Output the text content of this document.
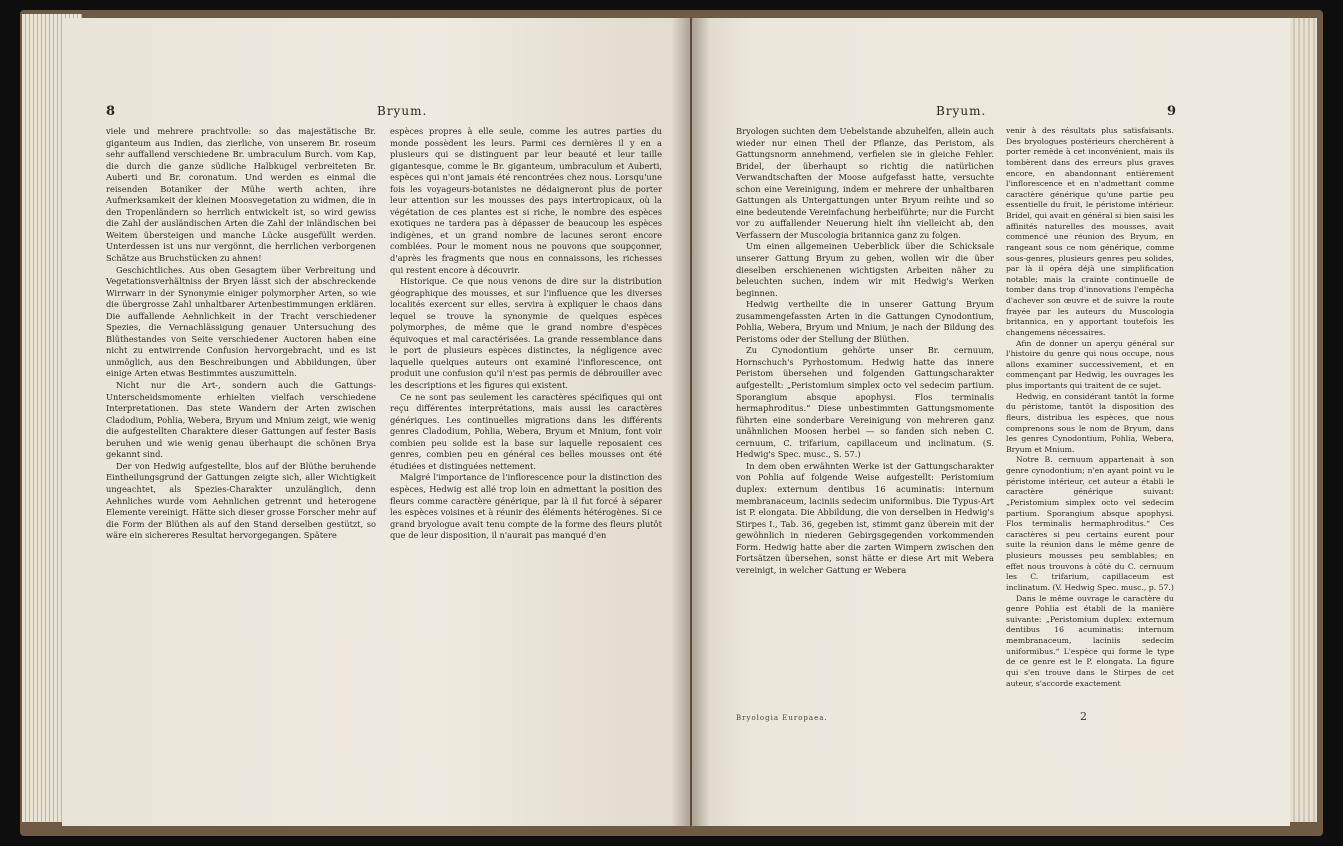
8	Bryum.

viele und mehrere prachtvolle: so das majestätische Br. giganteum aus Indien, das zierliche, von unserem Br. roseum sehr auffallend verschiedene Br. umbraculum Burch. vom Kap, die durch die ganze südliche Halbkugel verbreiteten Br. Auberti und Br. coronatum. Und werden es einmal die reisenden Botaniker der Mühe werth achten, ihre Aufmerksamkeit der kleinen Moosvegetation zu widmen, die in den Tropenländern so herrlich entwickelt ist, so wird gewiss die Zahl der ausländischen Arten die Zahl der inländischen bei Weitem übersteigen und manche Lücke ausgefüllt werden. Unterdessen ist uns nur vergönnt, die herrlichen verborgenen Schätze aus Bruchstücken zu ahnen!

Geschichtliches. Aus oben Gesagtem über Verbreitung und Vegetationsverhältniss der Bryen lässt sich der abschreckende Wirrwarr in der Synonymie einiger polymorpher Arten, so wie die übergrosse Zahl unhaltbarer Artenbestimmungen erklären. Die auffallende Aehnlichkeit in der Tracht verschiedener Spezies, die Vernachlässigung genauer Untersuchung des Blüthestandes von Seite verschiedener Auctoren haben eine nicht zu entwirrende Confusion hervorgebracht, und es ist unmöglich, aus den Beschreibungen und Abbildungen, über einige Arten etwas Bestimmtes auszumitteln.

Nicht nur die Art-, sondern auch die Gattungs-Unterscheidsmomente erhielten vielfach verschiedene Interpretationen. Das stete Wandern der Arten zwischen Cladodium, Pohlia, Webera, Bryum und Mnium zeigt, wie wenig die aufgestellten Charaktere dieser Gattungen auf fester Basis beruhen und wie wenig genau überhaupt die schönen Brya gekannt sind.

Der von Hedwig aufgestellte, blos auf der Blüthe beruhende Eintheilungsgrund der Gattungen zeigte sich, aller Wichtigkeit ungeachtet, als Spezies-Charakter unzulänglich, denn Aehnliches wurde vom Aehnlichen getrennt und heterogene Elemente vereinigt. Hätte sich dieser grosse Forscher mehr auf die Form der Blüthen als auf den Stand derselben gestützt, so wäre ein sichereres Resultat hervorgegangen. Spätere

espèces propres à elle seule, comme les autres parties du monde possèdent les leurs. Parmi ces dernières il y en a plusieurs qui se distinguent par leur beauté et leur taille gigantesque, comme le Br. giganteum, umbraculum et Auberti, espèces qui n'ont jamais été rencontrées chez nous. Lorsqu'une fois les voyageurs-botanistes ne dédaigneront plus de porter leur attention sur les mousses des pays intertropicaux, où la végétation de ces plantes est si riche, le nombre des espèces exotiques ne tardera pas à dépasser de beaucoup les espèces indigènes, et un grand nombre de lacunes seront encore comblées. Pour le moment nous ne pouvons que soupçonner, d'après les fragments que nous en connaissons, les richesses qui restent encore à découvrir.

Historique. Ce que nous venons de dire sur la distribution géographique des mousses, et sur l'influence que les diverses localités exercent sur elles, servira à expliquer le chaos dans lequel se trouve la synonymie de quelques espèces polymorphes, de même que le grand nombre d'espèces équivoques et mal caractérisées. La grande ressemblance dans le port de plusieurs espèces distinctes, la négligence avec laquelle quelques auteurs ont examiné l'inflorescence, ont produit une confusion qu'il n'est pas permis de débrouiller avec les descriptions et les figures qui existent.

Ce ne sont pas seulement les caractères spécifiques qui ont reçu différentes interprétations, mais aussi les caractères génériques. Les continuelles migrations dans les différents genres Cladodium, Pohlia, Webera, Bryum et Mnium, font voir combien peu solide est la base sur laquelle reposaient ces genres, combien peu en général ces belles mousses ont été étudiées et distinguées nettement.

Malgré l'importance de l'inflorescence pour la distinction des espèces, Hedwig est allé trop loin en admettant la position des fleurs comme caractère générique, par là il fut forcé à séparer les espèces voisines et à réunir des éléments hétérogènes. Si ce grand bryologue avait tenu compte de la forme des fleurs plutôt que de leur disposition, il n'aurait pas manqué d'en

Bryum.	9

Bryologen suchten dem Uebelstande abzuhelfen, allein auch wieder nur einen Theil der Pflanze, das Peristom, als Gattungsnorm annehmend, verfielen sie in gleiche Fehler. Bridel, der überhaupt so richtig die natürlichen Verwandtschaften der Moose aufgefasst hatte, versuchte schon eine Vereinigung, indem er mehrere der unhaltbaren Gattungen als Untergattungen unter Bryum reihte und so eine bedeutende Vereinfachung herbeiführte; nur die Furcht vor zu auffallender Neuerung hielt ihn vielleicht ab, den Verfassern der Muscologia britannica ganz zu folgen.

Um einen allgemeinen Ueberblick über die Schicksale unserer Gattung Bryum zu geben, wollen wir die über dieselben erschienenen wichtigsten Arbeiten näher zu beleuchten suchen, indem wir mit Hedwig's Werken beginnen.

Hedwig vertheilte die in unserer Gattung Bryum zusammengefassten Arten in die Gattungen Cynodontium, Pohlia, Webera, Bryum und Mnium, je nach der Bildung des Peristoms oder der Stellung der Blüthen.

Zu Cynodontium gehörte unser Br. cernuum, Hornschuch's Pyrhostomum. Hedwig hatte das innere Peristom übersehen und folgenden Gattungscharakter aufgestellt: „Peristomium simplex octo vel sedecim partium. Sporangium absque apophysi. Flos terminalis hermaphroditus.“ Diese unbestimmten Gattungsmomente führten eine sonderbare Vereinigung von mehreren ganz unähnlichen Moosen herbei — so fanden sich neben C. cernuum, C. trifarium, capillaceum und inclinatum. (S. Hedwig's Spec. musc., S. 57.)

In dem oben erwähnten Werke ist der Gattungscharakter von Pohlia auf folgende Weise aufgestellt: Peristomium duplex: externum dentibus 16 acuminatis: internum membranaceum, laciniis sedecim uniformibus. Die Typus-Art ist P. elongata. Die Abbildung, die von derselben in Hedwig's Stirpes I., Tab. 36, gegeben ist, stimmt ganz überein mit der gewöhnlich in niederen Gebirgsgegenden vorkommenden Form. Hedwig hatte aber die zarten Wimpern zwischen den Fortsätzen übersehen, sonst hätte er diese Art mit Webera vereinigt, in welcher Gattung er Webera

venir à des résultats plus satisfaisants. Des bryologues postérieurs cherchèrent à porter remède à cet inconvénient, mais ils tombèrent dans des erreurs plus graves encore, en abandonnant entièrement l'inflorescence et en n'admettant comme caractère générique qu'une partie peu essentielle du fruit, le péristome intérieur. Bridel, qui avait en général si bien saisi les affinités naturelles des mousses, avait commencé une réunion des Bryum, en rangeant sous ce nom générique, comme sous-genres, plusieurs genres peu solides, par là il opéra déjà une simplification notable; mais la crainte continuelle de tomber dans trop d'innovations l'empêcha d'achever son œuvre et de suivre la route frayée par les auteurs du Muscologia britannica, en y apportant toutefois les changemens nécessaires.

Afin de donner un aperçu général sur l'histoire du genre qui nous occupe, nous allons examiner successivement, et en commençant par Hedwig, les ouvrages les plus importants qui traitent de ce sujet.

Hedwig, en considérant tantôt la forme du péristome, tantôt la disposition des fleurs, distribua les espèces, que nous comprenons sous le nom de Bryum, dans les genres Cynodontium, Pohlia, Webera, Bryum et Mnium.

Notre B. cernuum appartenait à son genre cynodontium; n'en ayant point vu le péristome intérieur, cet auteur a établi le caractère générique suivant: „Peristomium simplex octo vel sedecim partium. Sporangium absque apophysi. Flos terminalis hermaphroditus.“ Ces caractères si peu certains eurent pour suite la réunion dans le même genre de plusieurs mousses peu semblables; en effet nous trouvons à côté du C. cernuum les C. trifarium, capillaceum est inclinatum. (V. Hedwig Spec. musc., p. 57.)

Dans le même ouvrage le caractère du genre Pohlia est établi de la manière suivante: „Peristomium duplex: externum dentibus 16 acuminatis: internum membranaceum, laciniis sedecim uniformibus.“ L'espèce qui forme le type de ce genre est le P. elongata. La figure qui s'en trouve dans le Stirpes de cet auteur, s'accorde exactement

Bryologia Europaea.	2
